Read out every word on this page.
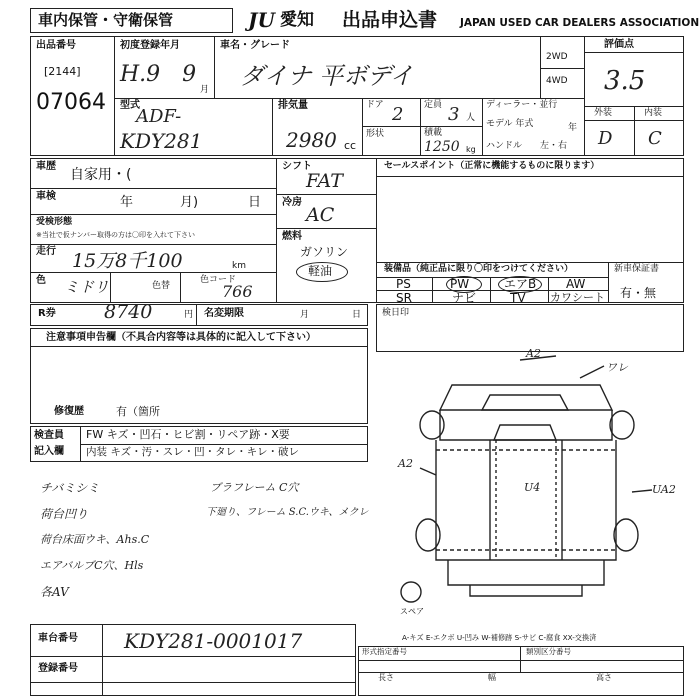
車内保管・守衛保管	JU 愛知 出品申込書 JAPAN USED CAR DEALERS ASSOCIATION
出品番号
[2144]
07064
初度登録年月
H.9　9
月
車名・グレード
ダイナ 平ボデイ
2WD
4WD
評価点
3.5
外装	内装
D C
型式
ADF-
KDY281
排気量
2980 cc
ドア 2 定員 3 人
形状	積載
1250 kg
ディーラー・並行
モデル 年式	年
ハンドル 左・右
車歴
自家用・(
車検	年	月)	日
受検形態
※当社で仮ナンバー取得の方は〇印を入れて下さい
走行 15万8千100	km
色 ミドリ	色替
色コード
766
シフト
FAT
冷房
AC
燃料
ガソリン
軽油
セールスポイント（正常に機能するものに限ります）
装備品（純正品に限り〇印をつけてください）	新車保証書
有・無
PS	PW	エアB AW
SR	ナビ	TV カワシート
R券	8740	円 名変期限	月	日 検日印
注意事項申告欄（不具合内容等は具体的に記入して下さい）
修復歴	有（箇所
検査員
記入欄
FW キズ・凹石・ヒビ割・リペア跡・X要
内装 キズ・汚・スレ・凹・タレ・キレ・破レ
チバミシミ	ブラフレーム C穴
荷台凹り	下廻り、フレーム S.C.ウキ、メクレ
荷台床面ウキ、Ahs.C
エアバルブC穴、Hls
各AV
A2
ワレ
A2
U4	UA2
スペア
A-キズ E-エクボ U-凹み W-補修跡 S-サビ C-腐食 XX-交換済
車台番号 KDY281-0001017
登録番号
形式指定番号	類別区分番号
長さ	幅	高さ
